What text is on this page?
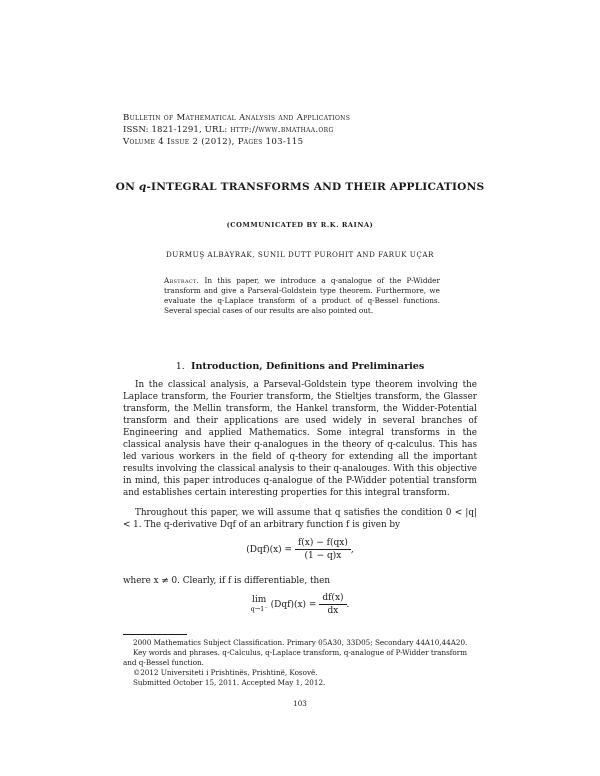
Bulletin of Mathematical Analysis and Applications
ISSN: 1821-1291, URL: http://www.bmathaa.org
Volume 4 Issue 2 (2012), Pages 103-115
ON q-INTEGRAL TRANSFORMS AND THEIR APPLICATIONS
(COMMUNICATED BY R.K. RAINA)
DURMUŞ ALBAYRAK, SUNIL DUTT PUROHIT AND FARUK UÇAR
Abstract. In this paper, we introduce a q-analogue of the P-Widder transform and give a Parseval-Goldstein type theorem. Furthermore, we evaluate the q-Laplace transform of a product of q-Bessel functions. Several special cases of our results are also pointed out.
1. Introduction, Definitions and Preliminaries
In the classical analysis, a Parseval-Goldstein type theorem involving the Laplace transform, the Fourier transform, the Stieltjes transform, the Glasser transform, the Mellin transform, the Hankel transform, the Widder-Potential transform and their applications are used widely in several branches of Engineering and applied Mathematics. Some integral transforms in the classical analysis have their q-analogues in the theory of q-calculus. This has led various workers in the field of q-theory for extending all the important results involving the classical analysis to their q-analouges. With this objective in mind, this paper introduces q-analogue of the P-Widder potential transform and establishes certain interesting properties for this integral transform.
Throughout this paper, we will assume that q satisfies the condition 0 < |q| < 1. The q-derivative Dqf of an arbitrary function f is given by
$(Dqf)(x) = \frac{f(x) - f(qx)}{(1 - q)x}$ ,
where x ≠ 0. Clearly, if f is differentiable, then
lim
q→1⁻ $(Dqf)(x) = \frac{df(x)}{dx}$ .
2000 Mathematics Subject Classification. Primary 05A30, 33D05; Secondary 44A10,44A20.
Key words and phrases. q-Calculus, q-Laplace transform, q-analogue of P-Widder transform and q-Bessel function.
©2012 Universiteti i Prishtinës, Prishtinë, Kosovë.
Submitted October 15, 2011. Accepted May 1, 2012.
103
